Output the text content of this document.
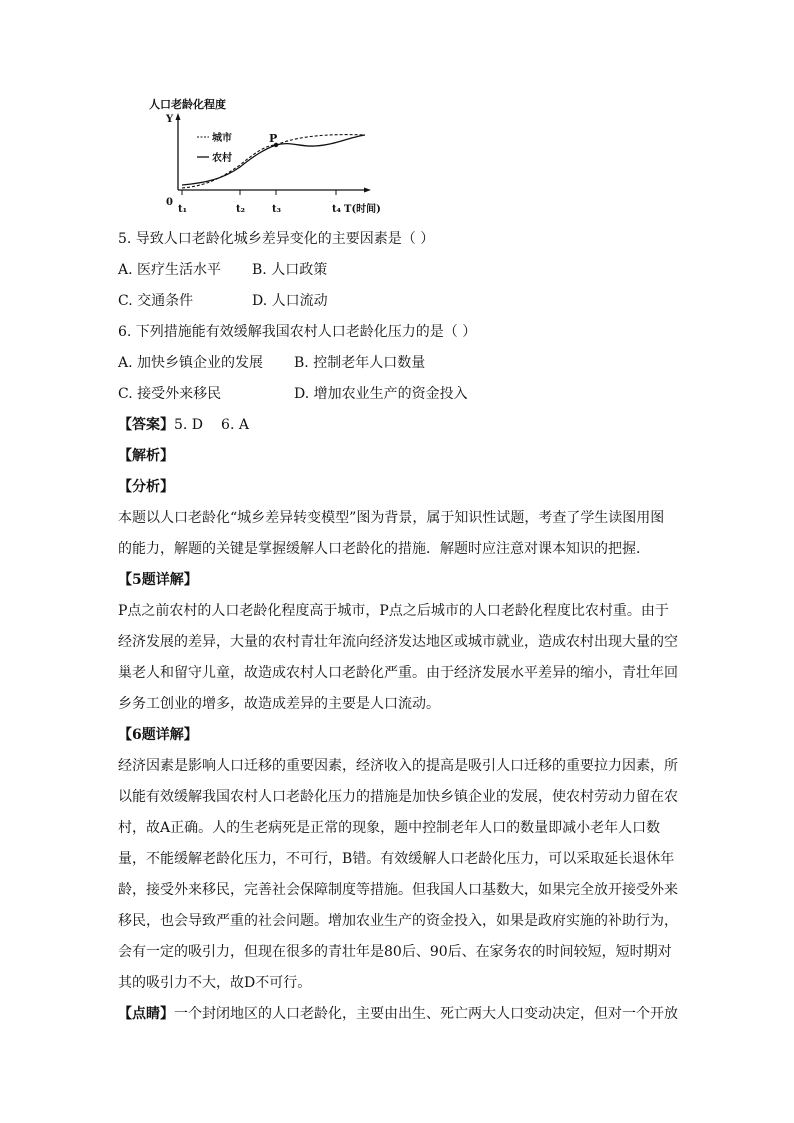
人口老龄化程度
Y
0
t₁	t₂	t₃	t₄ T(时间)
P
城市
农村
5. 导致人口老龄化城乡差异变化的主要因素是（ ）
A. 医疗生活水平 B. 人口政策
C. 交通条件	D. 人口流动
6. 下列措施能有效缓解我国农村人口老龄化压力的是（ ）
A. 加快乡镇企业的发展 B. 控制老年人口数量
C. 接受外来移民	D. 增加农业生产的资金投入
【答案】5. D 6. A
【解析】
【分析】
本题以人口老龄化“城乡差异转变模型”图为背景，属于知识性试题，考查了学生读图用图的能力，解题的关键是掌握缓解人口老龄化的措施．解题时应注意对课本知识的把握．
【5题详解】
P点之前农村的人口老龄化程度高于城市，P点之后城市的人口老龄化程度比农村重。由于经济发展的差异，大量的农村青壮年流向经济发达地区或城市就业，造成农村出现大量的空巢老人和留守儿童，故造成农村人口老龄化严重。由于经济发展水平差异的缩小，青壮年回乡务工创业的增多，故造成差异的主要是人口流动。
【6题详解】
经济因素是影响人口迁移的重要因素，经济收入的提高是吸引人口迁移的重要拉力因素，所以能有效缓解我国农村人口老龄化压力的措施是加快乡镇企业的发展，使农村劳动力留在农村，故A正确。人的生老病死是正常的现象，题中控制老年人口的数量即减小老年人口数量，不能缓解老龄化压力，不可行，B错。有效缓解人口老龄化压力，可以采取延长退休年龄，接受外来移民，完善社会保障制度等措施。但我国人口基数大，如果完全放开接受外来移民，也会导致严重的社会问题。增加农业生产的资金投入，如果是政府实施的补助行为，会有一定的吸引力，但现在很多的青壮年是80后、90后、在家务农的时间较短，短时期对其的吸引力不大，故D不可行。
【点睛】一个封闭地区的人口老龄化，主要由出生、死亡两大人口变动决定，但对一个开放
